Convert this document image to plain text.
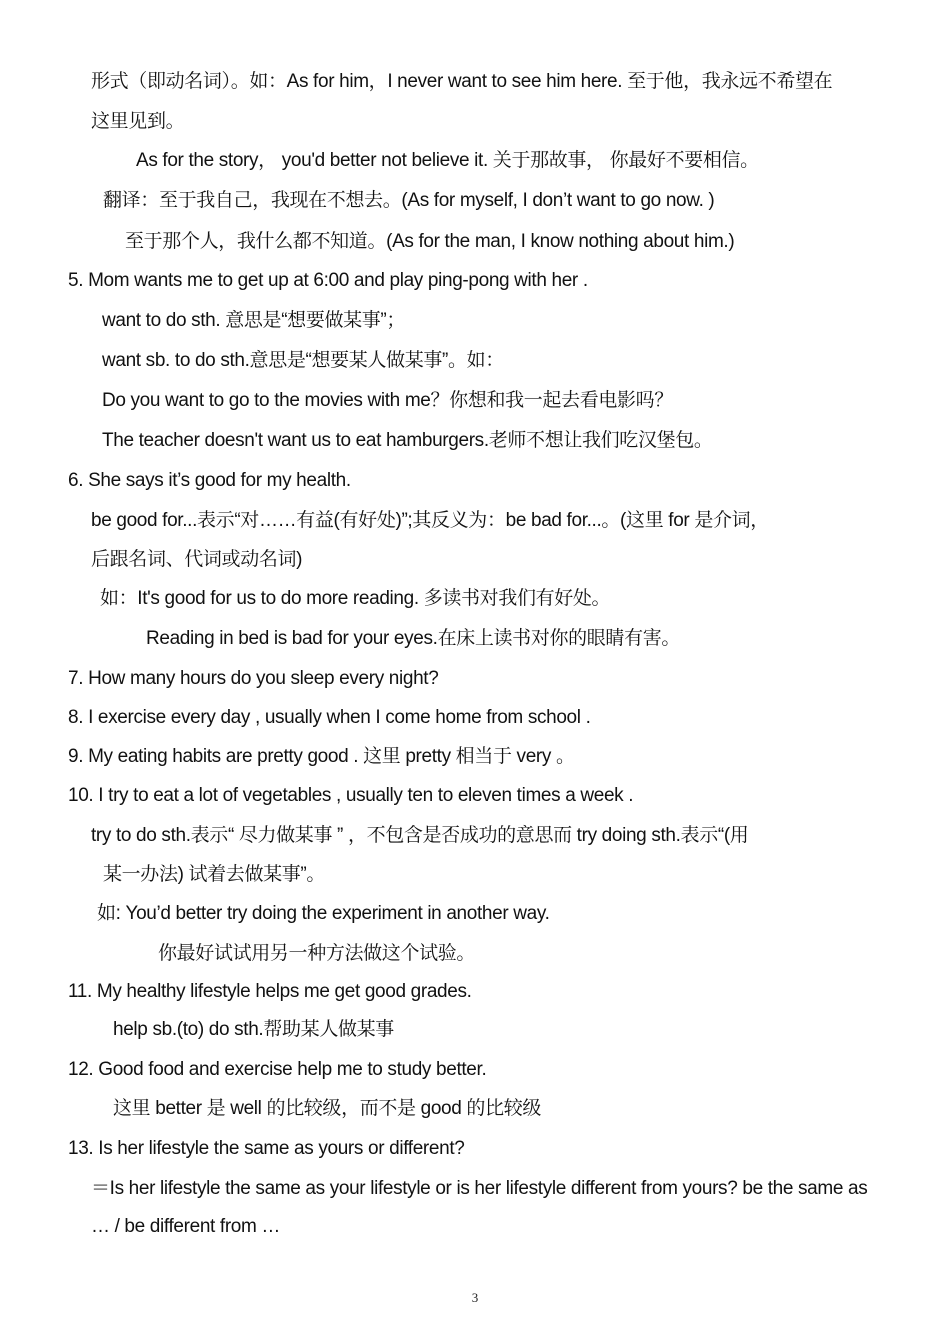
形式（即动名词）。如：As for him，I never want to see him here. 至于他，我永远不希望在
这里见到。
As for the story， you'd better not believe it. 关于那故事， 你最好不要相信。
翻译：至于我自己，我现在不想去。(As for myself, I don’t want to go now. )
至于那个人，我什么都不知道。(As for the man, I know nothing about him.)
5. Mom wants me to get up at 6:00 and play ping-pong with her .
want to do sth. 意思是“想要做某事”；
want sb. to do sth.意思是“想要某人做某事”。如：
Do you want to go to the movies with me？你想和我一起去看电影吗？
The teacher doesn't want us to eat hamburgers.老师不想让我们吃汉堡包。
6. She says it’s good for my health.
be good for...表示“对……有益(有好处)”;其反义为：be bad for...。(这里 for 是介词，
后跟名词、代词或动名词)
如：It's good for us to do more reading. 多读书对我们有好处。
Reading in bed is bad for your eyes.在床上读书对你的眼睛有害。
7. How many hours do you sleep every night?
8. I exercise every day , usually when I come home from school .
9. My eating habits are pretty good . 这里 pretty 相当于 very 。
10. I try to eat a lot of vegetables , usually ten to eleven times a week .
try to do sth.表示“ 尽力做某事 ” ，不包含是否成功的意思而 try doing sth.表示“(用
某一办法) 试着去做某事”。
如: You’d better try doing the experiment in another way.
你最好试试用另一种方法做这个试验。
11. My healthy lifestyle helps me get good grades.
help sb.(to) do sth.帮助某人做某事
12. Good food and exercise help me to study better.
这里 better 是 well 的比较级，而不是 good 的比较级
13. Is her lifestyle the same as yours or different?
＝Is her lifestyle the same as your lifestyle or is her lifestyle different from yours? be the same as
… / be different from …
3
